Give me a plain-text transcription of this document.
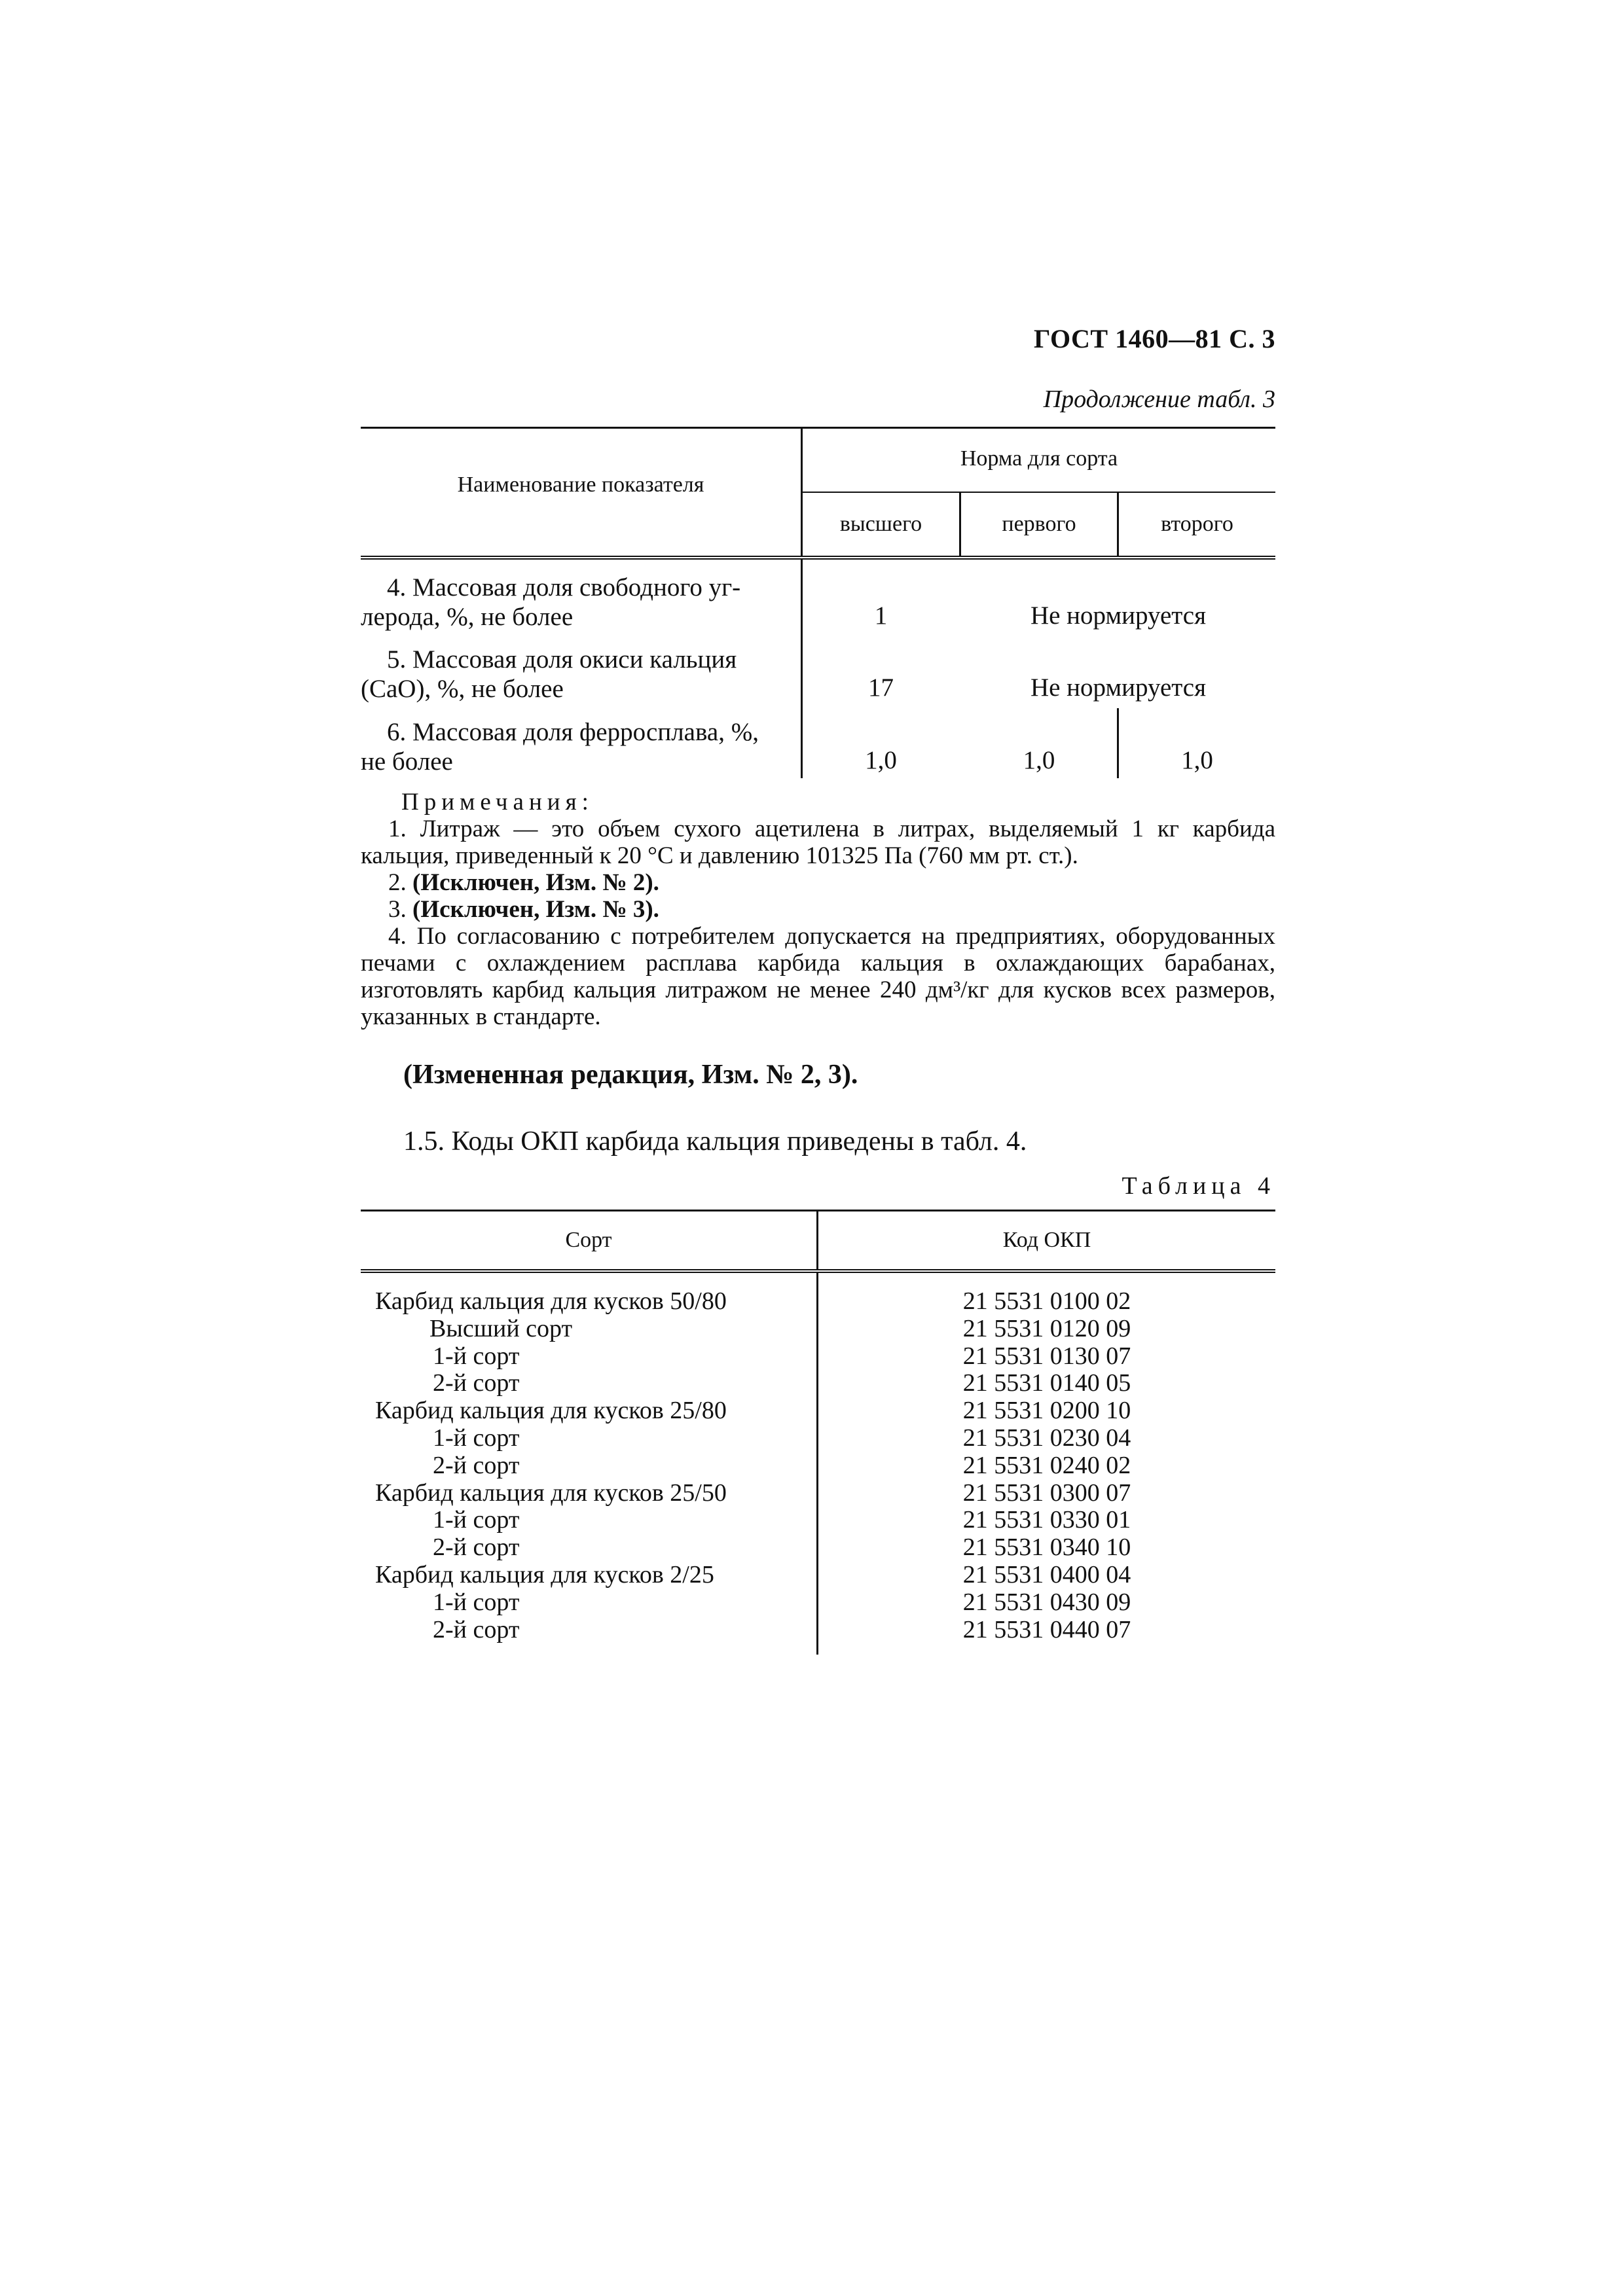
ГОСТ 1460—81 С. 3
Продолжение табл. 3
Наименование показателя
Норма для сорта
высшего	первого	второго
4. Массовая доля свободного уг-
лерода, %, не более	1	Не нормируется
5. Массовая доля окиси кальция
(СаО), %, не более	17	Не нормируется
6. Массовая доля ферросплава, %,
не более	1,0	1,0	1,0
Примечания:

1. Литраж — это объем сухого ацетилена в литрах, выделяемый 1 кг карбида кальция, приведенный к 20 °С и давлению 101325 Па (760 мм рт. ст.).

2. (Исключен, Изм. № 2).

3. (Исключен, Изм. № 3).

4. По согласованию с потребителем допускается на предприятиях, оборудованных печами с охлаждением расплава карбида кальция в охлаждающих барабанах, изготовлять карбид кальция литражом не менее 240 дм³/кг для кусков всех размеров, указанных в стандарте.

(Измененная редакция, Изм. № 2, 3).
1.5. Коды ОКП карбида кальция приведены в табл. 4.
Таблица 4
Сорт	Код ОКП
Карбид кальция для кусков 50/80	21 5531 0100 02
Высший сорт	21 5531 0120 09
1-й сорт	21 5531 0130 07
2-й сорт	21 5531 0140 05
Карбид кальция для кусков 25/80	21 5531 0200 10
1-й сорт	21 5531 0230 04
2-й сорт	21 5531 0240 02
Карбид кальция для кусков 25/50	21 5531 0300 07
1-й сорт	21 5531 0330 01
2-й сорт	21 5531 0340 10
Карбид кальция для кусков 2/25	21 5531 0400 04
1-й сорт	21 5531 0430 09
2-й сорт	21 5531 0440 07
